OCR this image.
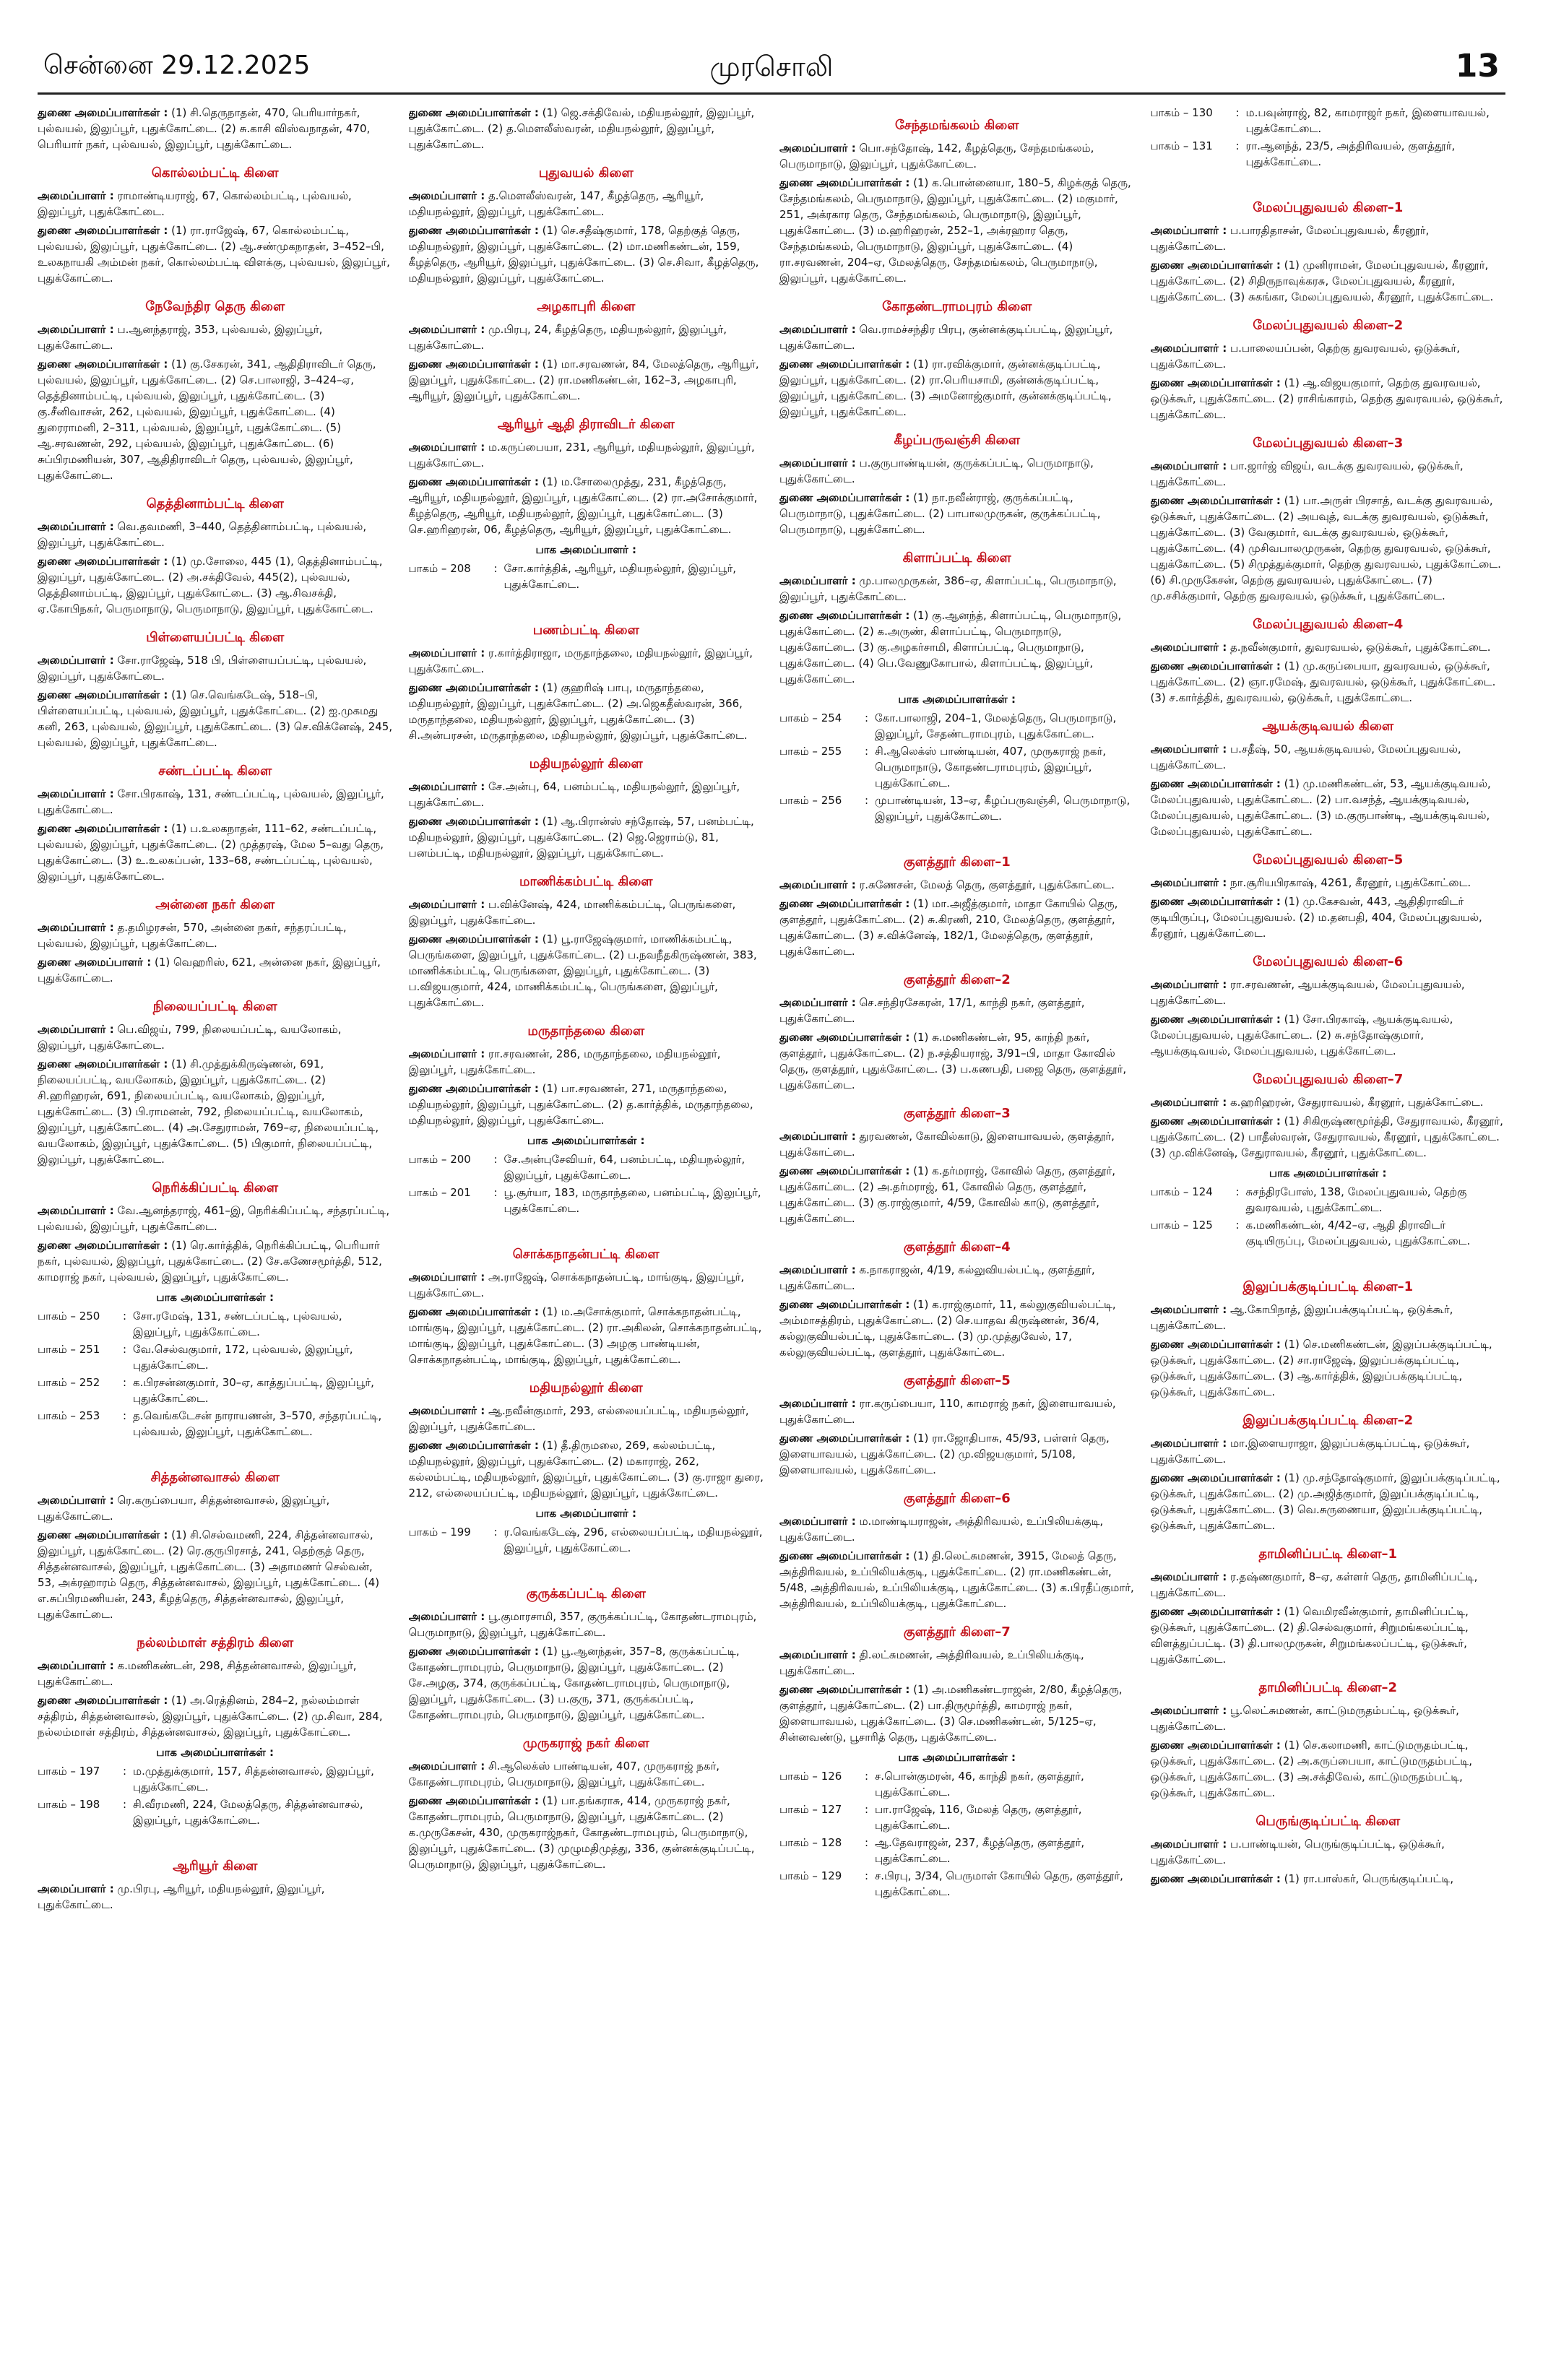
சென்னை 29.12.2025	முரசொலி	13

துணை அமைப்பாளர்கள் : (1) சி.தெருநாதன், 470, பெரியார்நகர், புல்வயல், இலுப்பூர், புதுக்கோட்டை. (2) சு.காசி விஸ்வநாதன், 470, பெரியார் நகர், புல்வயல், இலுப்பூர், புதுக்கோட்டை.

கொல்லம்பட்டி கிளை

அமைப்பாளர் : ராமாண்டியராஜ், 67, கொல்லம்பட்டி, புல்வயல், இலுப்பூர், புதுக்கோட்டை.

துணை அமைப்பாளர்கள் : (1) ரா.ராஜேஷ், 67, கொல்லம்பட்டி, புல்வயல், இலுப்பூர், புதுக்கோட்டை. (2) ஆ.சண்முகநாதன், 3–452–பி, உலகநாயகி அம்மன் நகர், கொல்லம்பட்டி விளக்கு, புல்வயல், இலுப்பூர், புதுக்கோட்டை.

நேவேந்திர தெரு கிளை

அமைப்பாளர் : ப.ஆனந்தராஜ், 353, புல்வயல், இலுப்பூர், புதுக்கோட்டை.

துணை அமைப்பாளர்கள் : (1) கு.சேகரன், 341, ஆதிதிராவிடர் தெரு, புல்வயல், இலுப்பூர், புதுக்கோட்டை. (2) செ.பாலாஜி, 3–424–ஏ, தெத்தினாம்பட்டி, புல்வயல், இலுப்பூர், புதுக்கோட்டை. (3) கு.சீனிவாசன், 262, புல்வயல், இலுப்பூர், புதுக்கோட்டை. (4) துரைராமனி, 2–311, புல்வயல், இலுப்பூர், புதுக்கோட்டை. (5) ஆ.சரவணன், 292, புல்வயல், இலுப்பூர், புதுக்கோட்டை. (6) சுப்பிரமணியன், 307, ஆதிதிராவிடர் தெரு, புல்வயல், இலுப்பூர், புதுக்கோட்டை.

தெத்தினாம்பட்டி கிளை

அமைப்பாளர் : வெ.தவமணி, 3–440, தெத்தினாம்பட்டி, புல்வயல், இலுப்பூர், புதுக்கோட்டை.

துணை அமைப்பாளர்கள் : (1) மு.சோலை, 445 (1), தெத்தினாம்பட்டி, இலுப்பூர், புதுக்கோட்டை. (2) அ.சக்திவேல், 445(2), புல்வயல், தெத்தினாம்பட்டி, இலுப்பூர், புதுக்கோட்டை. (3) ஆ.சிவசக்தி, ஏ.கோபிநகர், பெருமாநாடு, பெருமாநாடு, இலுப்பூர், புதுக்கோட்டை.

பிள்ளையப்பட்டி கிளை

அமைப்பாளர் : சோ.ராஜேஷ், 518 பி, பிள்ளையப்பட்டி, புல்வயல், இலுப்பூர், புதுக்கோட்டை.

துணை அமைப்பாளர்கள் : (1) செ.வெங்கடேஷ், 518–பி, பிள்ளையப்பட்டி, புல்வயல், இலுப்பூர், புதுக்கோட்டை. (2) ஐ.முகமது கனி, 263, புல்வயல், இலுப்பூர், புதுக்கோட்டை. (3) செ.விக்னேஷ், 245, புல்வயல், இலுப்பூர், புதுக்கோட்டை.

சண்டப்பட்டி கிளை

அமைப்பாளர் : சோ.பிரகாஷ், 131, சண்டப்பட்டி, புல்வயல், இலுப்பூர், புதுக்கோட்டை.

துணை அமைப்பாளர்கள் : (1) ப.உலகநாதன், 111–62, சண்டப்பட்டி, புல்வயல், இலுப்பூர், புதுக்கோட்டை. (2) முத்தரஷ், மேல 5–வது தெரு, புதுக்கோட்டை. (3) உ.உலகப்பன், 133–68, சண்டப்பட்டி, புல்வயல், இலுப்பூர், புதுக்கோட்டை.

அன்னை நகர் கிளை

அமைப்பாளர் : த.தமிழரசன், 570, அன்னை நகர், சந்தரப்பட்டி, புல்வயல், இலுப்பூர், புதுக்கோட்டை.

துணை அமைப்பாளர் : (1) வெஹரிஸ், 621, அன்னை நகர், இலுப்பூர், புதுக்கோட்டை.

நிலையப்பட்டி கிளை

அமைப்பாளர் : பெ.விஜய், 799, நிலையப்பட்டி, வயலோகம், இலுப்பூர், புதுக்கோட்டை.

துணை அமைப்பாளர்கள் : (1) சி.முத்துக்கிருஷ்ணன், 691, நிலையப்பட்டி, வயலோகம், இலுப்பூர், புதுக்கோட்டை. (2) சி.ஹரிஹரன், 691, நிலையப்பட்டி, வயலோகம், இலுப்பூர், புதுக்கோட்டை. (3) பி.ராமனன், 792, நிலையப்பட்டி, வயலோகம், இலுப்பூர், புதுக்கோட்டை. (4) அ.சேதுராமன், 769–ஏ, நிலையப்பட்டி, வயலோகம், இலுப்பூர், புதுக்கோட்டை. (5) பிகுமார், நிலையப்பட்டி, இலுப்பூர், புதுக்கோட்டை.

நெரிக்கிப்பட்டி கிளை

அமைப்பாளர் : வே.ஆனந்தராஜ், 461–இ, நெரிக்கிப்பட்டி, சந்தரப்பட்டி, புல்வயல், இலுப்பூர், புதுக்கோட்டை.

துணை அமைப்பாளர்கள் : (1) ரெ.கார்த்திக், நெரிக்கிப்பட்டி, பெரியார் நகர், புல்வயல், இலுப்பூர், புதுக்கோட்டை. (2) சே.கணேசமூர்த்தி, 512, காமராஜ் நகர், புல்வயல், இலுப்பூர், புதுக்கோட்டை.

பாக அமைப்பாளர்கள் :
பாகம் – 250	: சோ.ரமேஷ், 131, சண்டப்பட்டி, புல்வயல், இலுப்பூர், புதுக்கோட்டை.
பாகம் – 251	: வே.செல்வகுமார், 172, புல்வயல், இலுப்பூர், புதுக்கோட்டை.
பாகம் – 252	: க.பிரசன்னகுமார், 30–ஏ, காத்துப்பட்டி, இலுப்பூர், புதுக்கோட்டை.
பாகம் – 253	: த.வெங்கடேசன் நாராயணன், 3–570, சந்தரப்பட்டி, புல்வயல், இலுப்பூர், புதுக்கோட்டை.
சித்தன்னவாசல் கிளை

அமைப்பாளர் : ரெ.கருப்பையா, சித்தன்னவாசல், இலுப்பூர், புதுக்கோட்டை.

துணை அமைப்பாளர்கள் : (1) சி.செல்வமணி, 224, சித்தன்னவாசல், இலுப்பூர், புதுக்கோட்டை. (2) ரெ.குருபிரசாத், 241, தெற்குத் தெரு, சித்தன்னவாசல், இலுப்பூர், புதுக்கோட்டை. (3) அதாமணர் செல்வன், 53, அக்ரஹாரம் தெரு, சித்தன்னவாசல், இலுப்பூர், புதுக்கோட்டை. (4) எ.சுப்பிரமணியன், 243, கீழத்தெரு, சித்தன்னவாசல், இலுப்பூர், புதுக்கோட்டை.

நல்லம்மாள் சத்திரம் கிளை

அமைப்பாளர் : க.மணிகண்டன், 298, சித்தன்னவாசல், இலுப்பூர், புதுக்கோட்டை.

துணை அமைப்பாளர்கள் : (1) அ.ரெத்தினம், 284–2, நல்லம்மாள் சத்திரம், சித்தன்னவாசல், இலுப்பூர், புதுக்கோட்டை. (2) மு.சிவா, 284, நல்லம்மாள் சத்திரம், சித்தன்னவாசல், இலுப்பூர், புதுக்கோட்டை.

பாக அமைப்பாளர்கள் :
பாகம் – 197	: ம.முத்துக்குமார், 157, சித்தன்னவாசல், இலுப்பூர், புதுக்கோட்டை.
பாகம் – 198	: சி.வீரமணி, 224, மேலத்தெரு, சித்தன்னவாசல், இலுப்பூர், புதுக்கோட்டை.
ஆரியூர் கிளை

அமைப்பாளர் : மு.பிரபு, ஆரியூர், மதியநல்லூர், இலுப்பூர், புதுக்கோட்டை.

துணை அமைப்பாளர்கள் : (1) ஜெ.சக்திவேல், மதியநல்லூர், இலுப்பூர், புதுக்கோட்டை. (2) த.மௌலீஸ்வரன், மதியநல்லூர், இலுப்பூர், புதுக்கோட்டை.

புதுவயல் கிளை

அமைப்பாளர் : த.மௌலீஸ்வரன், 147, கீழத்தெரு, ஆரியூர், மதியநல்லூர், இலுப்பூர், புதுக்கோட்டை.

துணை அமைப்பாளர்கள் : (1) செ.சதீஷ்குமார், 178, தெற்குத் தெரு, மதியநல்லூர், இலுப்பூர், புதுக்கோட்டை. (2) மா.மணிகண்டன், 159, கீழத்தெரு, ஆரியூர், இலுப்பூர், புதுக்கோட்டை. (3) செ.சிவா, கீழத்தெரு, மதியநல்லூர், இலுப்பூர், புதுக்கோட்டை.

அழகாபுரி கிளை

அமைப்பாளர் : மு.பிரபு, 24, கீழத்தெரு, மதியநல்லூர், இலுப்பூர், புதுக்கோட்டை.

துணை அமைப்பாளர்கள் : (1) மா.சரவணன், 84, மேலத்தெரு, ஆரியூர், இலுப்பூர், புதுக்கோட்டை. (2) ரா.மணிகண்டன், 162–3, அழகாபுரி, ஆரியூர், இலுப்பூர், புதுக்கோட்டை.

ஆரியூர் ஆதி திராவிடர் கிளை

அமைப்பாளர் : ம.கருப்பையா, 231, ஆரியூர், மதியநல்லூர், இலுப்பூர், புதுக்கோட்டை.

துணை அமைப்பாளர்கள் : (1) ம.சோலைமுத்து, 231, கீழத்தெரு, ஆரியூர், மதியநல்லூர், இலுப்பூர், புதுக்கோட்டை. (2) ரா.அசோக்குமார், கீழத்தெரு, ஆரியூர், மதியநல்லூர், இலுப்பூர், புதுக்கோட்டை. (3) செ.ஹரிஹரன், 06, கீழத்தெரு, ஆரியூர், இலுப்பூர், புதுக்கோட்டை.

பாக அமைப்பாளர் :
பாகம் – 208	: சோ.கார்த்திக், ஆரியூர், மதியநல்லூர், இலுப்பூர், புதுக்கோட்டை.
பணம்பட்டி கிளை

அமைப்பாளர் : ர.கார்த்திராஜா, மருதாந்தலை, மதியநல்லூர், இலுப்பூர், புதுக்கோட்டை.

துணை அமைப்பாளர்கள் : (1) குஹரிஷ் பாபு, மருதாந்தலை, மதியநல்லூர், இலுப்பூர், புதுக்கோட்டை. (2) அ.ஜெகதீஸ்வரன், 366, மருதாந்தலை, மதியநல்லூர், இலுப்பூர், புதுக்கோட்டை. (3) சி.அன்பரசன், மருதாந்தலை, மதியநல்லூர், இலுப்பூர், புதுக்கோட்டை.

மதியநல்லூர் கிளை

அமைப்பாளர் : சே.அன்பு, 64, பனம்பட்டி, மதியநல்லூர், இலுப்பூர், புதுக்கோட்டை.

துணை அமைப்பாளர்கள் : (1) ஆ.பிரான்ஸ் சந்தோஷ், 57, பனம்பட்டி, மதியநல்லூர், இலுப்பூர், புதுக்கோட்டை. (2) ஜெ.ஜெராம்டு, 81, பனம்பட்டி, மதியநல்லூர், இலுப்பூர், புதுக்கோட்டை.

மாணிக்கம்பட்டி கிளை

அமைப்பாளர் : ப.விக்னேஷ், 424, மாணிக்கம்பட்டி, பெருங்களை, இலுப்பூர், புதுக்கோட்டை.

துணை அமைப்பாளர்கள் : (1) பூ.ராஜேஷ்குமார், மாணிக்கம்பட்டி, பெருங்களை, இலுப்பூர், புதுக்கோட்டை. (2) ப.நவநீதகிருஷ்ணன், 383, மாணிக்கம்பட்டி, பெருங்களை, இலுப்பூர், புதுக்கோட்டை. (3) ப.விஜயகுமார், 424, மாணிக்கம்பட்டி, பெருங்களை, இலுப்பூர், புதுக்கோட்டை.

மருதாந்தலை கிளை

அமைப்பாளர் : ரா.சரவணன், 286, மருதாந்தலை, மதியநல்லூர், இலுப்பூர், புதுக்கோட்டை.

துணை அமைப்பாளர்கள் : (1) பா.சரவணன், 271, மருதாந்தலை, மதியநல்லூர், இலுப்பூர், புதுக்கோட்டை. (2) த.கார்த்திக், மருதாந்தலை, மதியநல்லூர், இலுப்பூர், புதுக்கோட்டை.

பாக அமைப்பாளர்கள் :
பாகம் – 200	: சே.அன்புசேவியர், 64, பனம்பட்டி, மதியநல்லூர், இலுப்பூர், புதுக்கோட்டை.
பாகம் – 201	: பூ.சூர்யா, 183, மருதாந்தலை, பனம்பட்டி, இலுப்பூர், புதுக்கோட்டை.
சொக்கநாதன்பட்டி கிளை

அமைப்பாளர் : அ.ராஜேஷ், சொக்கநாதன்பட்டி, மாங்குடி, இலுப்பூர், புதுக்கோட்டை.

துணை அமைப்பாளர்கள் : (1) ம.அசோக்குமார், சொக்கநாதன்பட்டி, மாங்குடி, இலுப்பூர், புதுக்கோட்டை. (2) ரா.அகிலன், சொக்கநாதன்பட்டி, மாங்குடி, இலுப்பூர், புதுக்கோட்டை. (3) அழகு பாண்டியன், சொக்கநாதன்பட்டி, மாங்குடி, இலுப்பூர், புதுக்கோட்டை.

மதியநல்லூர் கிளை

அமைப்பாளர் : ஆ.நவீன்குமார், 293, எல்லையப்பட்டி, மதியநல்லூர், இலுப்பூர், புதுக்கோட்டை.

துணை அமைப்பாளர்கள் : (1) தீ.திருமலை, 269, கல்லம்பட்டி, மதியநல்லூர், இலுப்பூர், புதுக்கோட்டை. (2) மகாராஜ், 262, கல்லம்பட்டி, மதியநல்லூர், இலுப்பூர், புதுக்கோட்டை. (3) கு.ராஜா துரை, 212, எல்லையப்பட்டி, மதியநல்லூர், இலுப்பூர், புதுக்கோட்டை.

பாக அமைப்பாளர் :
பாகம் – 199	: ர.வெங்கடேஷ், 296, எல்லையப்பட்டி, மதியநல்லூர், இலுப்பூர், புதுக்கோட்டை.
குருக்கப்பட்டி கிளை

அமைப்பாளர் : பூ.குமாரசாமி, 357, குருக்கப்பட்டி, கோதண்டராமபுரம், பெருமாநாடு, இலுப்பூர், புதுக்கோட்டை.

துணை அமைப்பாளர்கள் : (1) பூ.ஆனந்தன், 357–8, குருக்கப்பட்டி, கோதண்டராமபுரம், பெருமாநாடு, இலுப்பூர், புதுக்கோட்டை. (2) சே.அழகு, 374, குருக்கப்பட்டி, கோதண்டராமபுரம், பெருமாநாடு, இலுப்பூர், புதுக்கோட்டை. (3) ப.குரு, 371, குருக்கப்பட்டி, கோதண்டராமபுரம், பெருமாநாடு, இலுப்பூர், புதுக்கோட்டை.

முருகராஜ் நகர் கிளை

அமைப்பாளர் : சி.ஆலெக்ஸ் பாண்டியன், 407, முருகராஜ் நகர், கோதண்டராமபுரம், பெருமாநாடு, இலுப்பூர், புதுக்கோட்டை.

துணை அமைப்பாளர்கள் : (1) பா.தங்கராசு, 414, முருகராஜ் நகர், கோதண்டராமபுரம், பெருமாநாடு, இலுப்பூர், புதுக்கோட்டை. (2) க.முருகேசன், 430, முருகராஜ்நகர், கோதண்டராமபுரம், பெருமாநாடு, இலுப்பூர், புதுக்கோட்டை. (3) முழுமதிமுத்து, 336, குன்னக்குடிப்பட்டி, பெருமாநாடு, இலுப்பூர், புதுக்கோட்டை.

சேந்தமங்கலம் கிளை

அமைப்பாளர் : பொ.சந்தோஷ், 142, கீழத்தெரு, சேந்தமங்கலம், பெருமாநாடு, இலுப்பூர், புதுக்கோட்டை.

துணை அமைப்பாளர்கள் : (1) க.பொன்னையா, 180–5, கிழக்குத் தெரு, சேந்தமங்கலம், பெருமாநாடு, இலுப்பூர், புதுக்கோட்டை. (2) மகுமார், 251, அக்ரகார தெரு, சேந்தமங்கலம், பெருமாநாடு, இலுப்பூர், புதுக்கோட்டை. (3) ம.ஹரிஹரன், 252–1, அக்ரஹார தெரு, சேந்தமங்கலம், பெருமாநாடு, இலுப்பூர், புதுக்கோட்டை. (4) ரா.சரவணன், 204–ஏ, மேலத்தெரு, சேந்தமங்கலம், பெருமாநாடு, இலுப்பூர், புதுக்கோட்டை.

கோதண்டராமபுரம் கிளை

அமைப்பாளர் : வெ.ராமச்சந்திர பிரபு, குன்னக்குடிப்பட்டி, இலுப்பூர், புதுக்கோட்டை.

துணை அமைப்பாளர்கள் : (1) ரா.ரவிக்குமார், குன்னக்குடிப்பட்டி, இலுப்பூர், புதுக்கோட்டை. (2) ரா.பெரியசாமி, குன்னக்குடிப்பட்டி, இலுப்பூர், புதுக்கோட்டை. (3) அமனோஜ்குமார், குன்னக்குடிப்பட்டி, இலுப்பூர், புதுக்கோட்டை.

கீழப்பருவஞ்சி கிளை

அமைப்பாளர் : ப.குருபாண்டியன், குருக்கப்பட்டி, பெருமாநாடு, புதுக்கோட்டை.

துணை அமைப்பாளர்கள் : (1) நா.நவீன்ராஜ், குருக்கப்பட்டி, பெருமாநாடு, புதுக்கோட்டை. (2) பாபாலமுருகன், குருக்கப்பட்டி, பெருமாநாடு, புதுக்கோட்டை.

கிளாப்பட்டி கிளை

அமைப்பாளர் : மு.பாலமுருகன், 386–ஏ, கிளாப்பட்டி, பெருமாநாடு, இலுப்பூர், புதுக்கோட்டை.

துணை அமைப்பாளர்கள் : (1) கு.ஆனந்த், கிளாப்பட்டி, பெருமாநாடு, புதுக்கோட்டை. (2) க.அருண், கிளாப்பட்டி, பெருமாநாடு, புதுக்கோட்டை. (3) கு.அழகர்சாமி, கிளாப்பட்டி, பெருமாநாடு, புதுக்கோட்டை. (4) பெ.வேணுகோபால், கிளாப்பட்டி, இலுப்பூர், புதுக்கோட்டை.

பாக அமைப்பாளர்கள் :
பாகம் – 254	: கோ.பாலாஜி, 204–1, மேலத்தெரு, பெருமாநாடு, இலுப்பூர், சேதண்டராமபுரம், புதுக்கோட்டை.
பாகம் – 255	: சி.ஆலெக்ஸ் பாண்டியன், 407, முருகராஜ் நகர், பெருமாநாடு, கோதண்டராமபுரம், இலுப்பூர், புதுக்கோட்டை.
பாகம் – 256	: முபாண்டியன், 13–ஏ, கீழப்பருவஞ்சி, பெருமாநாடு, இலுப்பூர், புதுக்கோட்டை.
குளத்தூர் கிளை–1

அமைப்பாளர் : ர.சுணேசன், மேலத் தெரு, குளத்தூர், புதுக்கோட்டை.

துணை அமைப்பாளர்கள் : (1) மா.அஜீத்குமார், மாதா கோயில் தெரு, குளத்தூர், புதுக்கோட்டை. (2) சு.கிரணி, 210, மேலத்தெரு, குளத்தூர், புதுக்கோட்டை. (3) ச.விக்னேஷ், 182/1, மேலத்தெரு, குளத்தூர், புதுக்கோட்டை.

குளத்தூர் கிளை–2

அமைப்பாளர் : செ.சந்திரசேகரன், 17/1, காந்தி நகர், குளத்தூர், புதுக்கோட்டை.

துணை அமைப்பாளர்கள் : (1) சு.மணிகண்டன், 95, காந்தி நகர், குளத்தூர், புதுக்கோட்டை. (2) ந.சத்தியராஜ், 3/91–பி, மாதா கோவில் தெரு, குளத்தூர், புதுக்கோட்டை. (3) ப.கணபதி, பஜை தெரு, குளத்தூர், புதுக்கோட்டை.

குளத்தூர் கிளை–3

அமைப்பாளர் : துரவணன், கோவில்காடு, இளையாவயல், குளத்தூர், புதுக்கோட்டை.

துணை அமைப்பாளர்கள் : (1) க.தர்மராஜ், கோவில் தெரு, குளத்தூர், புதுக்கோட்டை. (2) அ.தர்மராஜ், 61, கோவில் தெரு, குளத்தூர், புதுக்கோட்டை. (3) கு.ராஜ்குமார், 4/59, கோவில் காடு, குளத்தூர், புதுக்கோட்டை.

குளத்தூர் கிளை–4

அமைப்பாளர் : க.நாகராஜன், 4/19, கல்லுவியல்பட்டி, குளத்தூர், புதுக்கோட்டை.

துணை அமைப்பாளர்கள் : (1) க.ராஜ்குமார், 11, கல்லுகுவியல்பட்டி, அம்மாசத்திரம், புதுக்கோட்டை. (2) செ.யாதவ கிருஷ்ணன், 36/4, கல்லுகுவியல்பட்டி, புதுக்கோட்டை. (3) மு.முத்துவேல், 17, கல்லுகுவியல்பட்டி, குளத்தூர், புதுக்கோட்டை.

குளத்தூர் கிளை–5

அமைப்பாளர் : ரா.கருப்பையா, 110, காமராஜ் நகர், இளையாவயல், புதுக்கோட்டை.

துணை அமைப்பாளர்கள் : (1) ரா.ஜோதிபாசு, 45/93, பள்ளர் தெரு, இளையாவயல், புதுக்கோட்டை. (2) மு.விஜயகுமார், 5/108, இளையாவயல், புதுக்கோட்டை.

குளத்தூர் கிளை–6

அமைப்பாளர் : ம.மாண்டியராஜன், அத்திரிவயல், உப்பிலியக்குடி, புதுக்கோட்டை.

துணை அமைப்பாளர்கள் : (1) தி.லெட்சுமணன், 3915, மேலத் தெரு, அத்திரிவயல், உப்பிலியக்குடி, புதுக்கோட்டை. (2) ரா.மணிகண்டன், 5/48, அத்திரிவயல், உப்பிலியக்குடி, புதுக்கோட்டை. (3) க.பிரதீப்குமார், அத்திரிவயல், உப்பிலியக்குடி, புதுக்கோட்டை.

குளத்தூர் கிளை–7

அமைப்பாளர் : தி.லட்சுமணன், அத்திரிவயல், உப்பிலியக்குடி, புதுக்கோட்டை.

துணை அமைப்பாளர்கள் : (1) அ.மணிகண்டராஜன், 2/80, கீழத்தெரு, குளத்தூர், புதுக்கோட்டை. (2) பா.திருமூர்த்தி, காமராஜ் நகர், இளையாவயல், புதுக்கோட்டை. (3) செ.மணிகண்டன், 5/125–ஏ, சின்னவண்டு, பூசாரித் தெரு, புதுக்கோட்டை.

பாக அமைப்பாளர்கள் :
பாகம் – 126	: ச.பொன்குமரன், 46, காந்தி நகர், குளத்தூர், புதுக்கோட்டை.
பாகம் – 127	: பா.ராஜேஷ், 116, மேலத் தெரு, குளத்தூர், புதுக்கோட்டை.
பாகம் – 128	: ஆ.தேவராஜன், 237, கீழத்தெரு, குளத்தூர், புதுக்கோட்டை.
பாகம் – 129	: ச.பிரபு, 3/34, பெருமாள் கோயில் தெரு, குளத்தூர், புதுக்கோட்டை.
பாகம் – 130	: ம.பவுன்ராஜ், 82, காமராஜர் நகர், இளையாவயல், புதுக்கோட்டை.
பாகம் – 131	: ரா.ஆனந்த், 23/5, அத்திரிவயல், குளத்தூர், புதுக்கோட்டை.
மேலப்புதுவயல் கிளை–1

அமைப்பாளர் : ப.பாரதிதாசன், மேலப்புதுவயல், கீரனூர், புதுக்கோட்டை.

துணை அமைப்பாளர்கள் : (1) முனிராமன், மேலப்புதுவயல், கீரனூர், புதுக்கோட்டை. (2) சிதிருநாவுக்கரசு, மேலப்புதுவயல், கீரனூர், புதுக்கோட்டை. (3) சுகங்கா, மேலப்புதுவயல், கீரனூர், புதுக்கோட்டை.

மேலப்புதுவயல் கிளை–2

அமைப்பாளர் : ப.பாலையப்பன், தெற்கு துவரவயல், ஒடுக்கூர், புதுக்கோட்டை.

துணை அமைப்பாளர்கள் : (1) ஆ.விஜயகுமார், தெற்கு துவரவயல், ஒடுக்கூர், புதுக்கோட்டை. (2) ராசிங்காரம், தெற்கு துவரவயல், ஒடுக்கூர், புதுக்கோட்டை.

மேலப்புதுவயல் கிளை–3

அமைப்பாளர் : பா.ஜார்ஜ் விஜய், வடக்கு துவரவயல், ஒடுக்கூர், புதுக்கோட்டை.

துணை அமைப்பாளர்கள் : (1) பா.அருள் பிரசாத், வடக்கு துவரவயல், ஒடுக்கூர், புதுக்கோட்டை. (2) அயவுத், வடக்கு துவரவயல், ஒடுக்கூர், புதுக்கோட்டை. (3) வேகுமார், வடக்கு துவரவயல், ஒடுக்கூர், புதுக்கோட்டை. (4) முசிவபாலமுருகன், தெற்கு துவரவயல், ஒடுக்கூர், புதுக்கோட்டை. (5) சிமுத்துக்குமார், தெற்கு துவரவயல், புதுக்கோட்டை. (6) சி.முருகேசன், தெற்கு துவரவயல், புதுக்கோட்டை. (7) மு.சசிக்குமார், தெற்கு துவரவயல், ஒடுக்கூர், புதுக்கோட்டை.

மேலப்புதுவயல் கிளை–4

அமைப்பாளர் : த.நவீன்குமார், துவரவயல், ஒடுக்கூர், புதுக்கோட்டை.

துணை அமைப்பாளர்கள் : (1) மு.கருப்பையா, துவரவயல், ஒடுக்கூர், புதுக்கோட்டை. (2) ஞா.ரமேஷ், துவரவயல், ஒடுக்கூர், புதுக்கோட்டை. (3) ச.கார்த்திக், துவரவயல், ஒடுக்கூர், புதுக்கோட்டை.

ஆயக்குடிவயல் கிளை

அமைப்பாளர் : ப.சதீஷ், 50, ஆயக்குடிவயல், மேலப்புதுவயல், புதுக்கோட்டை.

துணை அமைப்பாளர்கள் : (1) மு.மணிகண்டன், 53, ஆயக்குடிவயல், மேலப்புதுவயல், புதுக்கோட்டை. (2) பா.வசந்த், ஆயக்குடிவயல், மேலப்புதுவயல், புதுக்கோட்டை. (3) ம.குருபாண்டி, ஆயக்குடிவயல், மேலப்புதுவயல், புதுக்கோட்டை.

மேலப்புதுவயல் கிளை–5

அமைப்பாளர் : நா.சூரியபிரகாஷ், 4261, கீரனூர், புதுக்கோட்டை.

துணை அமைப்பாளர்கள் : (1) மு.கேசவன், 443, ஆதிதிராவிடர் குடியிருப்பு, மேலப்புதுவயல். (2) ம.தனபதி, 404, மேலப்புதுவயல், கீரனூர், புதுக்கோட்டை.

மேலப்புதுவயல் கிளை–6

அமைப்பாளர் : ரா.சரவணன், ஆயக்குடிவயல், மேலப்புதுவயல், புதுக்கோட்டை.

துணை அமைப்பாளர்கள் : (1) சோ.பிரகாஷ், ஆயக்குடிவயல், மேலப்புதுவயல், புதுக்கோட்டை. (2) சு.சந்தோஷ்குமார், ஆயக்குடிவயல், மேலப்புதுவயல், புதுக்கோட்டை.

மேலப்புதுவயல் கிளை–7

அமைப்பாளர் : க.ஹரிஹரன், சேதுராவயல், கீரனூர், புதுக்கோட்டை.

துணை அமைப்பாளர்கள் : (1) சிகிருஷ்ணமூர்த்தி, சேதுராவயல், கீரனூர், புதுக்கோட்டை. (2) பாதீஸ்வரன், சேதுராவயல், கீரனூர், புதுக்கோட்டை. (3) மு.விக்னேஷ், சேதுராவயல், கீரனூர், புதுக்கோட்டை.

பாக அமைப்பாளர்கள் :
பாகம் – 124	: சுசந்திரபோஸ், 138, மேலப்புதுவயல், தெற்கு துவரவயல், புதுக்கோட்டை.
பாகம் – 125	: க.மணிகண்டன், 4/42–ஏ, ஆதி திராவிடர் குடியிருப்பு, மேலப்புதுவயல், புதுக்கோட்டை.
இலுப்பக்குடிப்பட்டி கிளை–1

அமைப்பாளர் : ஆ.கோபிநாத், இலுப்பக்குடிப்பட்டி, ஒடுக்கூர், புதுக்கோட்டை.

துணை அமைப்பாளர்கள் : (1) செ.மணிகண்டன், இலுப்பக்குடிப்பட்டி, ஒடுக்கூர், புதுக்கோட்டை. (2) சா.ராஜேஷ், இலுப்பக்குடிப்பட்டி, ஒடுக்கூர், புதுக்கோட்டை. (3) ஆ.கார்த்திக், இலுப்பக்குடிப்பட்டி, ஒடுக்கூர், புதுக்கோட்டை.

இலுப்பக்குடிப்பட்டி கிளை–2

அமைப்பாளர் : மா.இளையராஜா, இலுப்பக்குடிப்பட்டி, ஒடுக்கூர், புதுக்கோட்டை.

துணை அமைப்பாளர்கள் : (1) மு.சந்தோஷ்குமார், இலுப்பக்குடிப்பட்டி, ஒடுக்கூர், புதுக்கோட்டை. (2) மு.அஜித்குமார், இலுப்பக்குடிப்பட்டி, ஒடுக்கூர், புதுக்கோட்டை. (3) வெ.சுருணையா, இலுப்பக்குடிப்பட்டி, ஒடுக்கூர், புதுக்கோட்டை.

தாமினிப்பட்டி கிளை–1

அமைப்பாளர் : ர.தஷ்ணகுமார், 8–ஏ, கள்ளர் தெரு, தாமினிப்பட்டி, புதுக்கோட்டை.

துணை அமைப்பாளர்கள் : (1) வெமிரவீன்குமார், தாமினிப்பட்டி, ஒடுக்கூர், புதுக்கோட்டை. (2) தி.செல்வகுமார், சிறுமங்கலப்பட்டி, விளத்துப்பட்டி. (3) தி.பாலமுருகன், சிறுமங்கலப்பட்டி, ஒடுக்கூர், புதுக்கோட்டை.

தாமினிப்பட்டி கிளை–2

அமைப்பாளர் : பூ.லெட்சுமணன், காட்டுமருதம்பட்டி, ஒடுக்கூர், புதுக்கோட்டை.

துணை அமைப்பாளர்கள் : (1) செ.கலாமணி, காட்டுமருதம்பட்டி, ஒடுக்கூர், புதுக்கோட்டை. (2) அ.கருப்பையா, காட்டுமருதம்பட்டி, ஒடுக்கூர், புதுக்கோட்டை. (3) அ.சக்திவேல், காட்டுமருதம்பட்டி, ஒடுக்கூர், புதுக்கோட்டை.

பெருங்குடிப்பட்டி கிளை

அமைப்பாளர் : ப.பாண்டியன், பெருங்குடிப்பட்டி, ஒடுக்கூர், புதுக்கோட்டை.

துணை அமைப்பாளர்கள் : (1) ரா.பாஸ்கர், பெருங்குடிப்பட்டி,
